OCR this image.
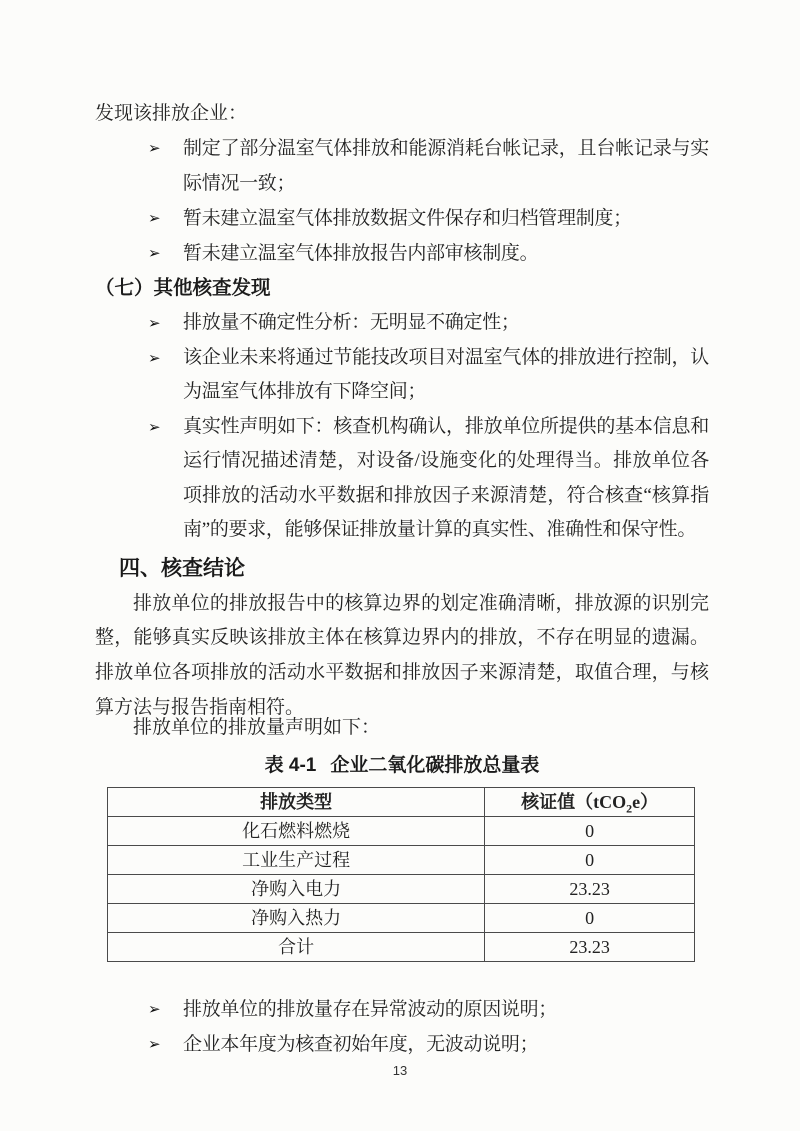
发现该排放企业：

➢ 制定了部分温室气体排放和能源消耗台帐记录，且台帐记录与实际情况一致；
➢ 暂未建立温室气体排放数据文件保存和归档管理制度；
➢ 暂未建立温室气体排放报告内部审核制度。
（七）其他核查发现
➢ 排放量不确定性分析：无明显不确定性；
➢ 该企业未来将通过节能技改项目对温室气体的排放进行控制，认为温室气体排放有下降空间；
➢ 真实性声明如下：核查机构确认，排放单位所提供的基本信息和运行情况描述清楚，对设备/设施变化的处理得当。排放单位各项排放的活动水平数据和排放因子来源清楚，符合核查“核算指南”的要求，能够保证排放量计算的真实性、准确性和保守性。
四、核查结论

排放单位的排放报告中的核算边界的划定准确清晰，排放源的识别完整，能够真实反映该排放主体在核算边界内的排放，不存在明显的遗漏。排放单位各项排放的活动水平数据和排放因子来源清楚，取值合理，与核算方法与报告指南相符。

排放单位的排放量声明如下：

表 4-1 企业二氧化碳排放总量表
排放类型	核证值（tCO$_2$e）
化石燃料燃烧	0
工业生产过程	0
净购入电力	23.23
净购入热力	0
合计	23.23
➢ 排放单位的排放量存在异常波动的原因说明；
➢ 企业本年度为核查初始年度，无波动说明；
13
